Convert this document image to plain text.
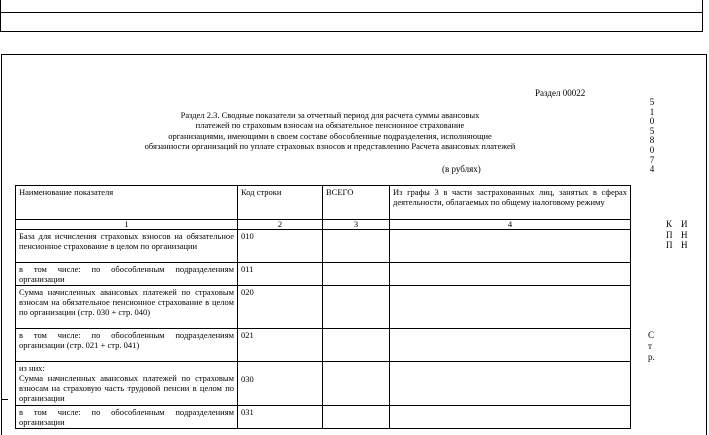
Раздел 00022
Раздел 2.3. Сводные показатели за отчетный период для расчета суммы авансовых
платежей по страховым взносам на обязательное пенсионное страхование
организациями, имеющими в своем составе обособленные подразделения, исполняющие
обязанности организаций по уплате страховых взносов и представлению Расчета авансовых платежей
(в рублях)
5
1
0
5
8
0
7
4
К
П
П
И
Н
Н
С
т
р.
Наименование показателя	Код строки	ВСЕГО	Из графы 3 в части застрахованных лиц, занятых в сферах деятельности, облагаемых по общему налоговому режиму
1	2	3	4
База для исчисления страховых взносов на обязательное пенсионное страхование в целом по организации	010		
в том числе: по обособленным подразделениям организации	011		
Сумма начисленных авансовых платежей по страховым взносам на обязательное пенсионное страхование в целом по организации (стр. 030 + стр. 040)	020		
в том числе: по обособленным подразделениям организации (стр. 021 + стр. 041)	021		
из них:
Сумма начисленных авансовых платежей по страховым взносам на страховую часть трудовой пенсии в целом по организации	030		
в том числе: по обособленным подразделениям организации	031		
